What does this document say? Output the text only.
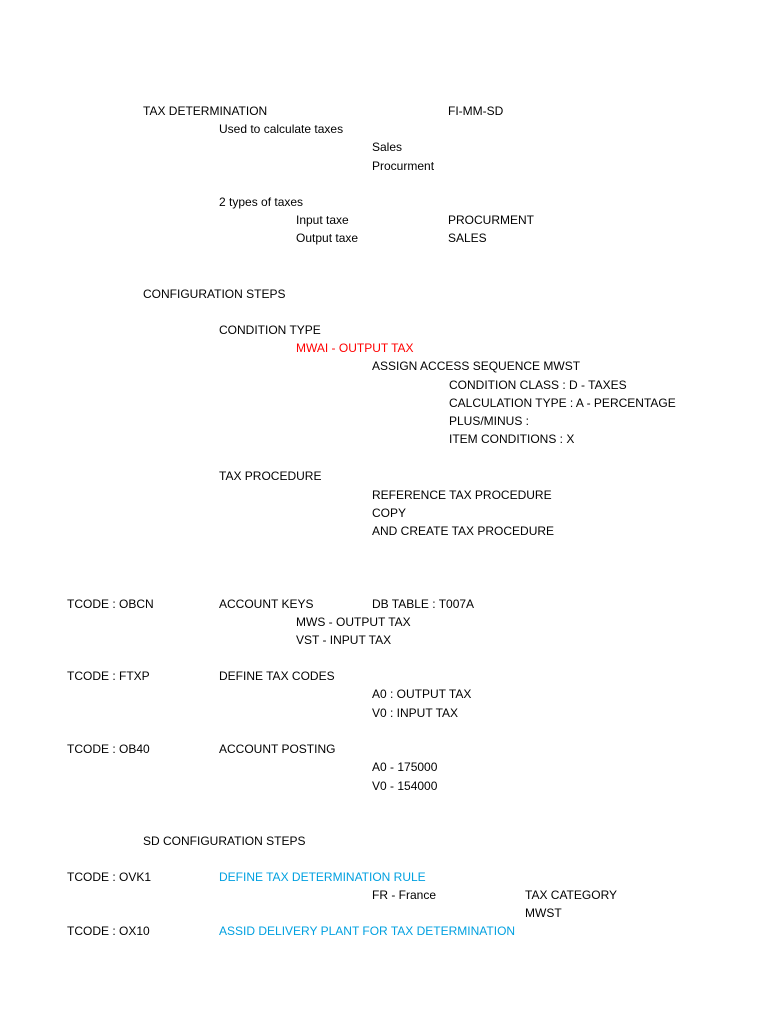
TAX DETERMINATION	FI-MM-SD
Used to calculate taxes
Sales
Procurment
2 types of taxes
Input taxe	PROCURMENT
Output taxe	SALES
CONFIGURATION STEPS
CONDITION TYPE
MWAI - OUTPUT TAX
ASSIGN ACCESS SEQUENCE MWST
CONDITION CLASS : D - TAXES
CALCULATION TYPE : A - PERCENTAGE
PLUS/MINUS :
ITEM CONDITIONS : X
TAX PROCEDURE
REFERENCE TAX PROCEDURE
COPY
AND CREATE TAX PROCEDURE
TCODE : OBCN	ACCOUNT KEYS	DB TABLE : T007A
MWS - OUTPUT TAX
VST - INPUT TAX
TCODE : FTXP	DEFINE TAX CODES
A0 : OUTPUT TAX
V0 : INPUT TAX
TCODE : OB40	ACCOUNT POSTING
A0 - 175000
V0 - 154000
SD CONFIGURATION STEPS
TCODE : OVK1	DEFINE TAX DETERMINATION RULE
FR - France	TAX CATEGORY
MWST
TCODE : OX10	ASSID DELIVERY PLANT FOR TAX DETERMINATION
